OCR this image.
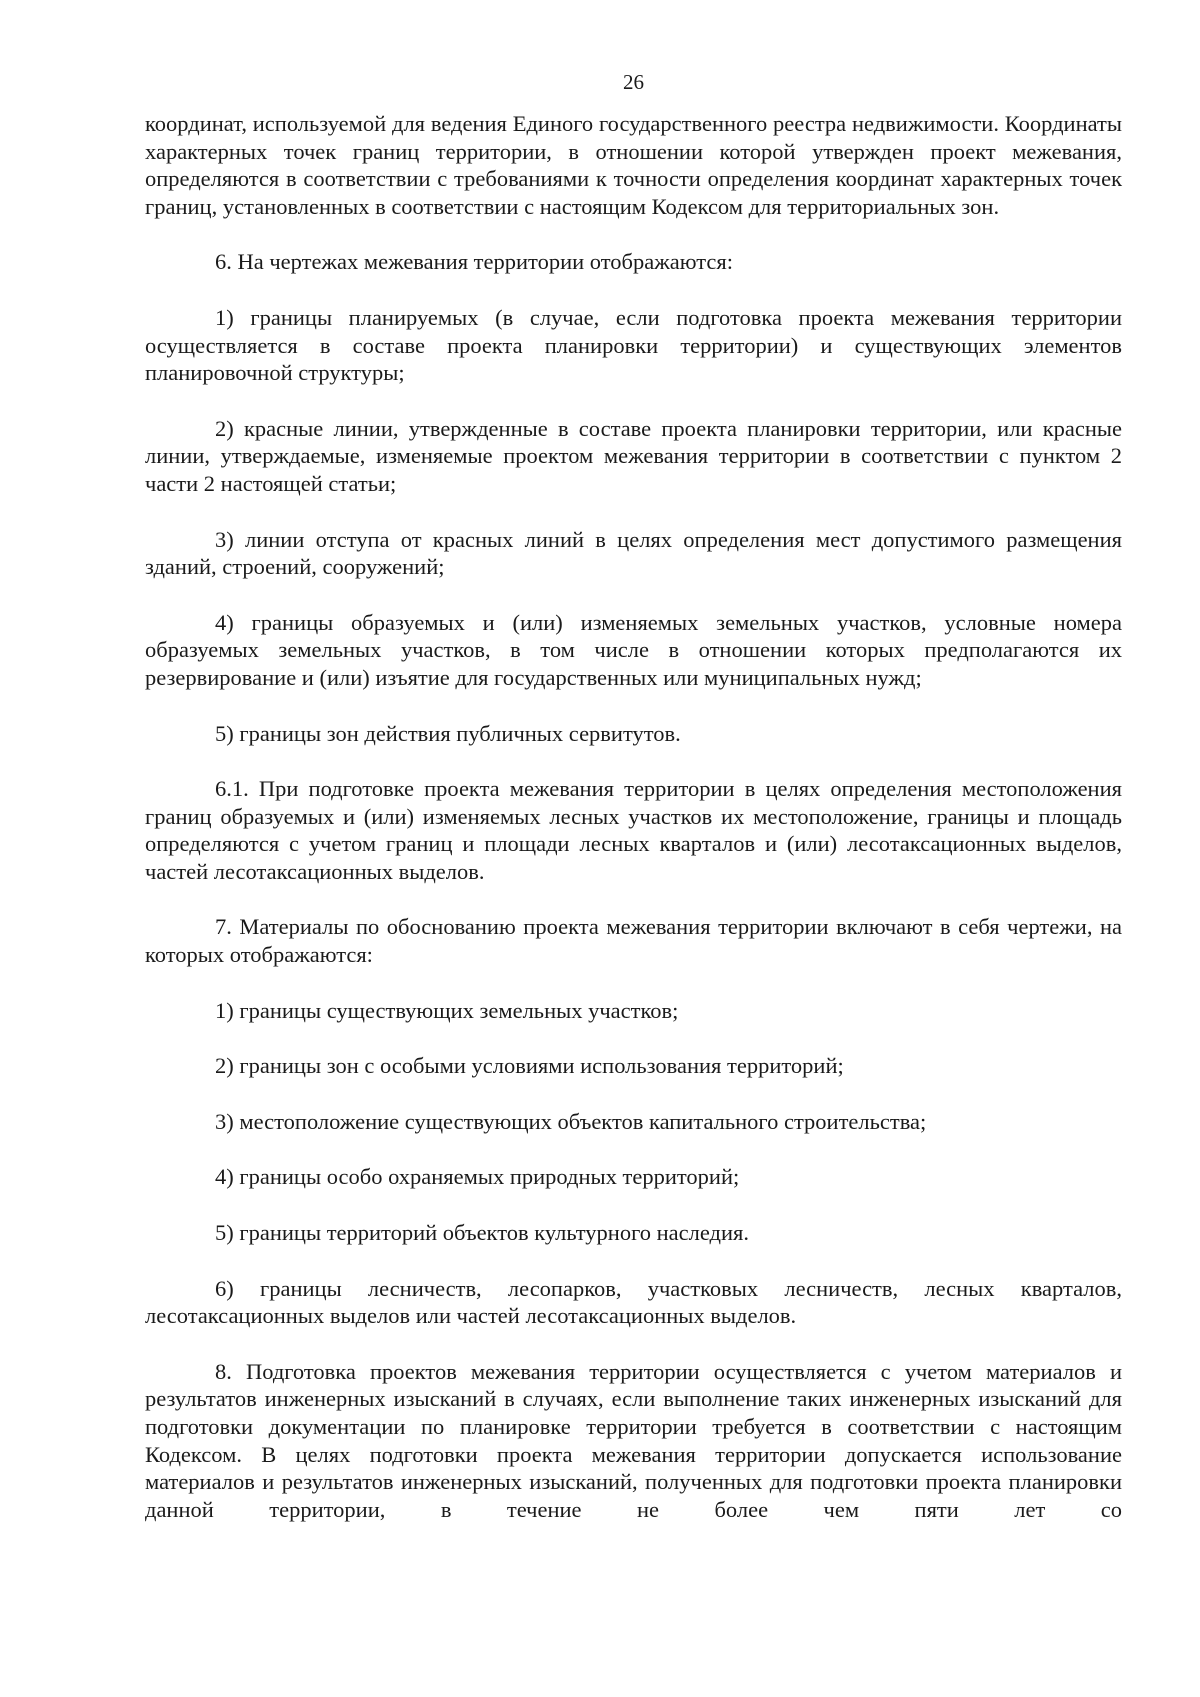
26

координат, используемой для ведения Единого государственного реестра недвижимости. Координаты характерных точек границ территории, в отношении которой утвержден проект межевания, определяются в соответствии с требованиями к точности определения координат характерных точек границ, установленных в соответствии с настоящим Кодексом для территориальных зон.

6. На чертежах межевания территории отображаются:

1) границы планируемых (в случае, если подготовка проекта межевания территории осуществляется в составе проекта планировки территории) и существующих элементов планировочной структуры;

2) красные линии, утвержденные в составе проекта планировки территории, или красные линии, утверждаемые, изменяемые проектом межевания территории в соответствии с пунктом 2 части 2 настоящей статьи;

3) линии отступа от красных линий в целях определения мест допустимого размещения зданий, строений, сооружений;

4) границы образуемых и (или) изменяемых земельных участков, условные номера образуемых земельных участков, в том числе в отношении которых предполагаются их резервирование и (или) изъятие для государственных или муниципальных нужд;

5) границы зон действия публичных сервитутов.

6.1. При подготовке проекта межевания территории в целях определения местоположения границ образуемых и (или) изменяемых лесных участков их местоположение, границы и площадь определяются с учетом границ и площади лесных кварталов и (или) лесотаксационных выделов, частей лесотаксационных выделов.

7. Материалы по обоснованию проекта межевания территории включают в себя чертежи, на которых отображаются:

1) границы существующих земельных участков;

2) границы зон с особыми условиями использования территорий;

3) местоположение существующих объектов капитального строительства;

4) границы особо охраняемых природных территорий;

5) границы территорий объектов культурного наследия.

6) границы лесничеств, лесопарков, участковых лесничеств, лесных кварталов, лесотаксационных выделов или частей лесотаксационных выделов.

8. Подготовка проектов межевания территории осуществляется с учетом материалов и результатов инженерных изысканий в случаях, если выполнение таких инженерных изысканий для подготовки документации по планировке территории требуется в соответствии с настоящим Кодексом. В целях подготовки проекта межевания территории допускается использование материалов и результатов инженерных изысканий, полученных для подготовки проекта планировки данной территории, в течение не более чем пяти лет со
